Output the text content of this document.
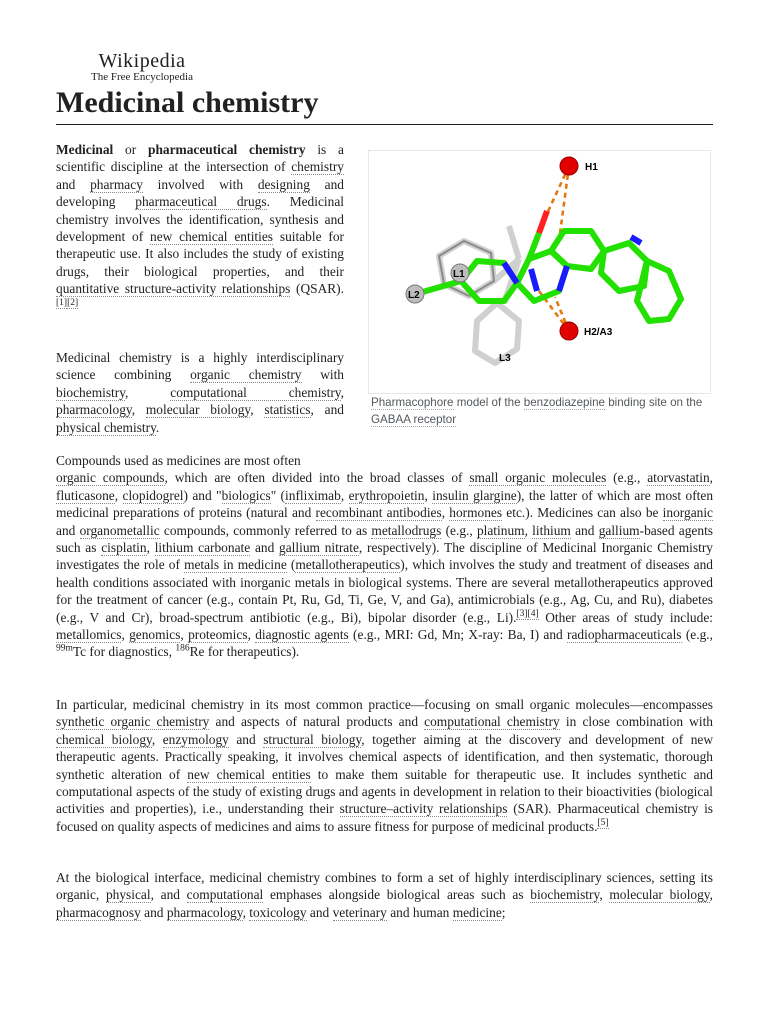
Wikipedia
The Free Encyclopedia
Medicinal chemistry

Medicinal or pharmaceutical chemistry is a scientific discipline at the intersection of chemistry and pharmacy involved with designing and developing pharmaceutical drugs. Medicinal chemistry involves the identification, synthesis and development of new chemical entities suitable for therapeutic use. It also includes the study of existing drugs, their biological properties, and their quantitative structure-activity relationships (QSAR).[1][2]

Medicinal chemistry is a highly interdisciplinary science combining organic chemistry with biochemistry, computational chemistry, pharmacology, molecular biology, statistics, and physical chemistry.

H1
H2/A3
L1
L2
L3
Pharmacophore model of the benzodiazepine binding site on the GABAA receptor
Compounds used as medicines are most often
organic compounds, which are often divided into the broad classes of small organic molecules (e.g., atorvastatin, fluticasone, clopidogrel) and "biologics" (infliximab, erythropoietin, insulin glargine), the latter of which are most often medicinal preparations of proteins (natural and recombinant antibodies, hormones etc.). Medicines can also be inorganic and organometallic compounds, commonly referred to as metallodrugs (e.g., platinum, lithium and gallium-based agents such as cisplatin, lithium carbonate and gallium nitrate, respectively). The discipline of Medicinal Inorganic Chemistry investigates the role of metals in medicine (metallotherapeutics), which involves the study and treatment of diseases and health conditions associated with inorganic metals in biological systems. There are several metallotherapeutics approved for the treatment of cancer (e.g., contain Pt, Ru, Gd, Ti, Ge, V, and Ga), antimicrobials (e.g., Ag, Cu, and Ru), diabetes (e.g., V and Cr), broad-spectrum antibiotic (e.g., Bi), bipolar disorder (e.g., Li).[3][4] Other areas of study include: metallomics, genomics, proteomics, diagnostic agents (e.g., MRI: Gd, Mn; X-ray: Ba, I) and radiopharmaceuticals (e.g., $^{99m}$Tc for diagnostics, $^{186}$Re for therapeutics).

In particular, medicinal chemistry in its most common practice—focusing on small organic molecules—encompasses synthetic organic chemistry and aspects of natural products and computational chemistry in close combination with chemical biology, enzymology and structural biology, together aiming at the discovery and development of new therapeutic agents. Practically speaking, it involves chemical aspects of identification, and then systematic, thorough synthetic alteration of new chemical entities to make them suitable for therapeutic use. It includes synthetic and computational aspects of the study of existing drugs and agents in development in relation to their bioactivities (biological activities and properties), i.e., understanding their structure–activity relationships (SAR). Pharmaceutical chemistry is focused on quality aspects of medicines and aims to assure fitness for purpose of medicinal products.[5]

At the biological interface, medicinal chemistry combines to form a set of highly interdisciplinary sciences, setting its organic, physical, and computational emphases alongside biological areas such as biochemistry, molecular biology, pharmacognosy and pharmacology, toxicology and veterinary and human medicine;
